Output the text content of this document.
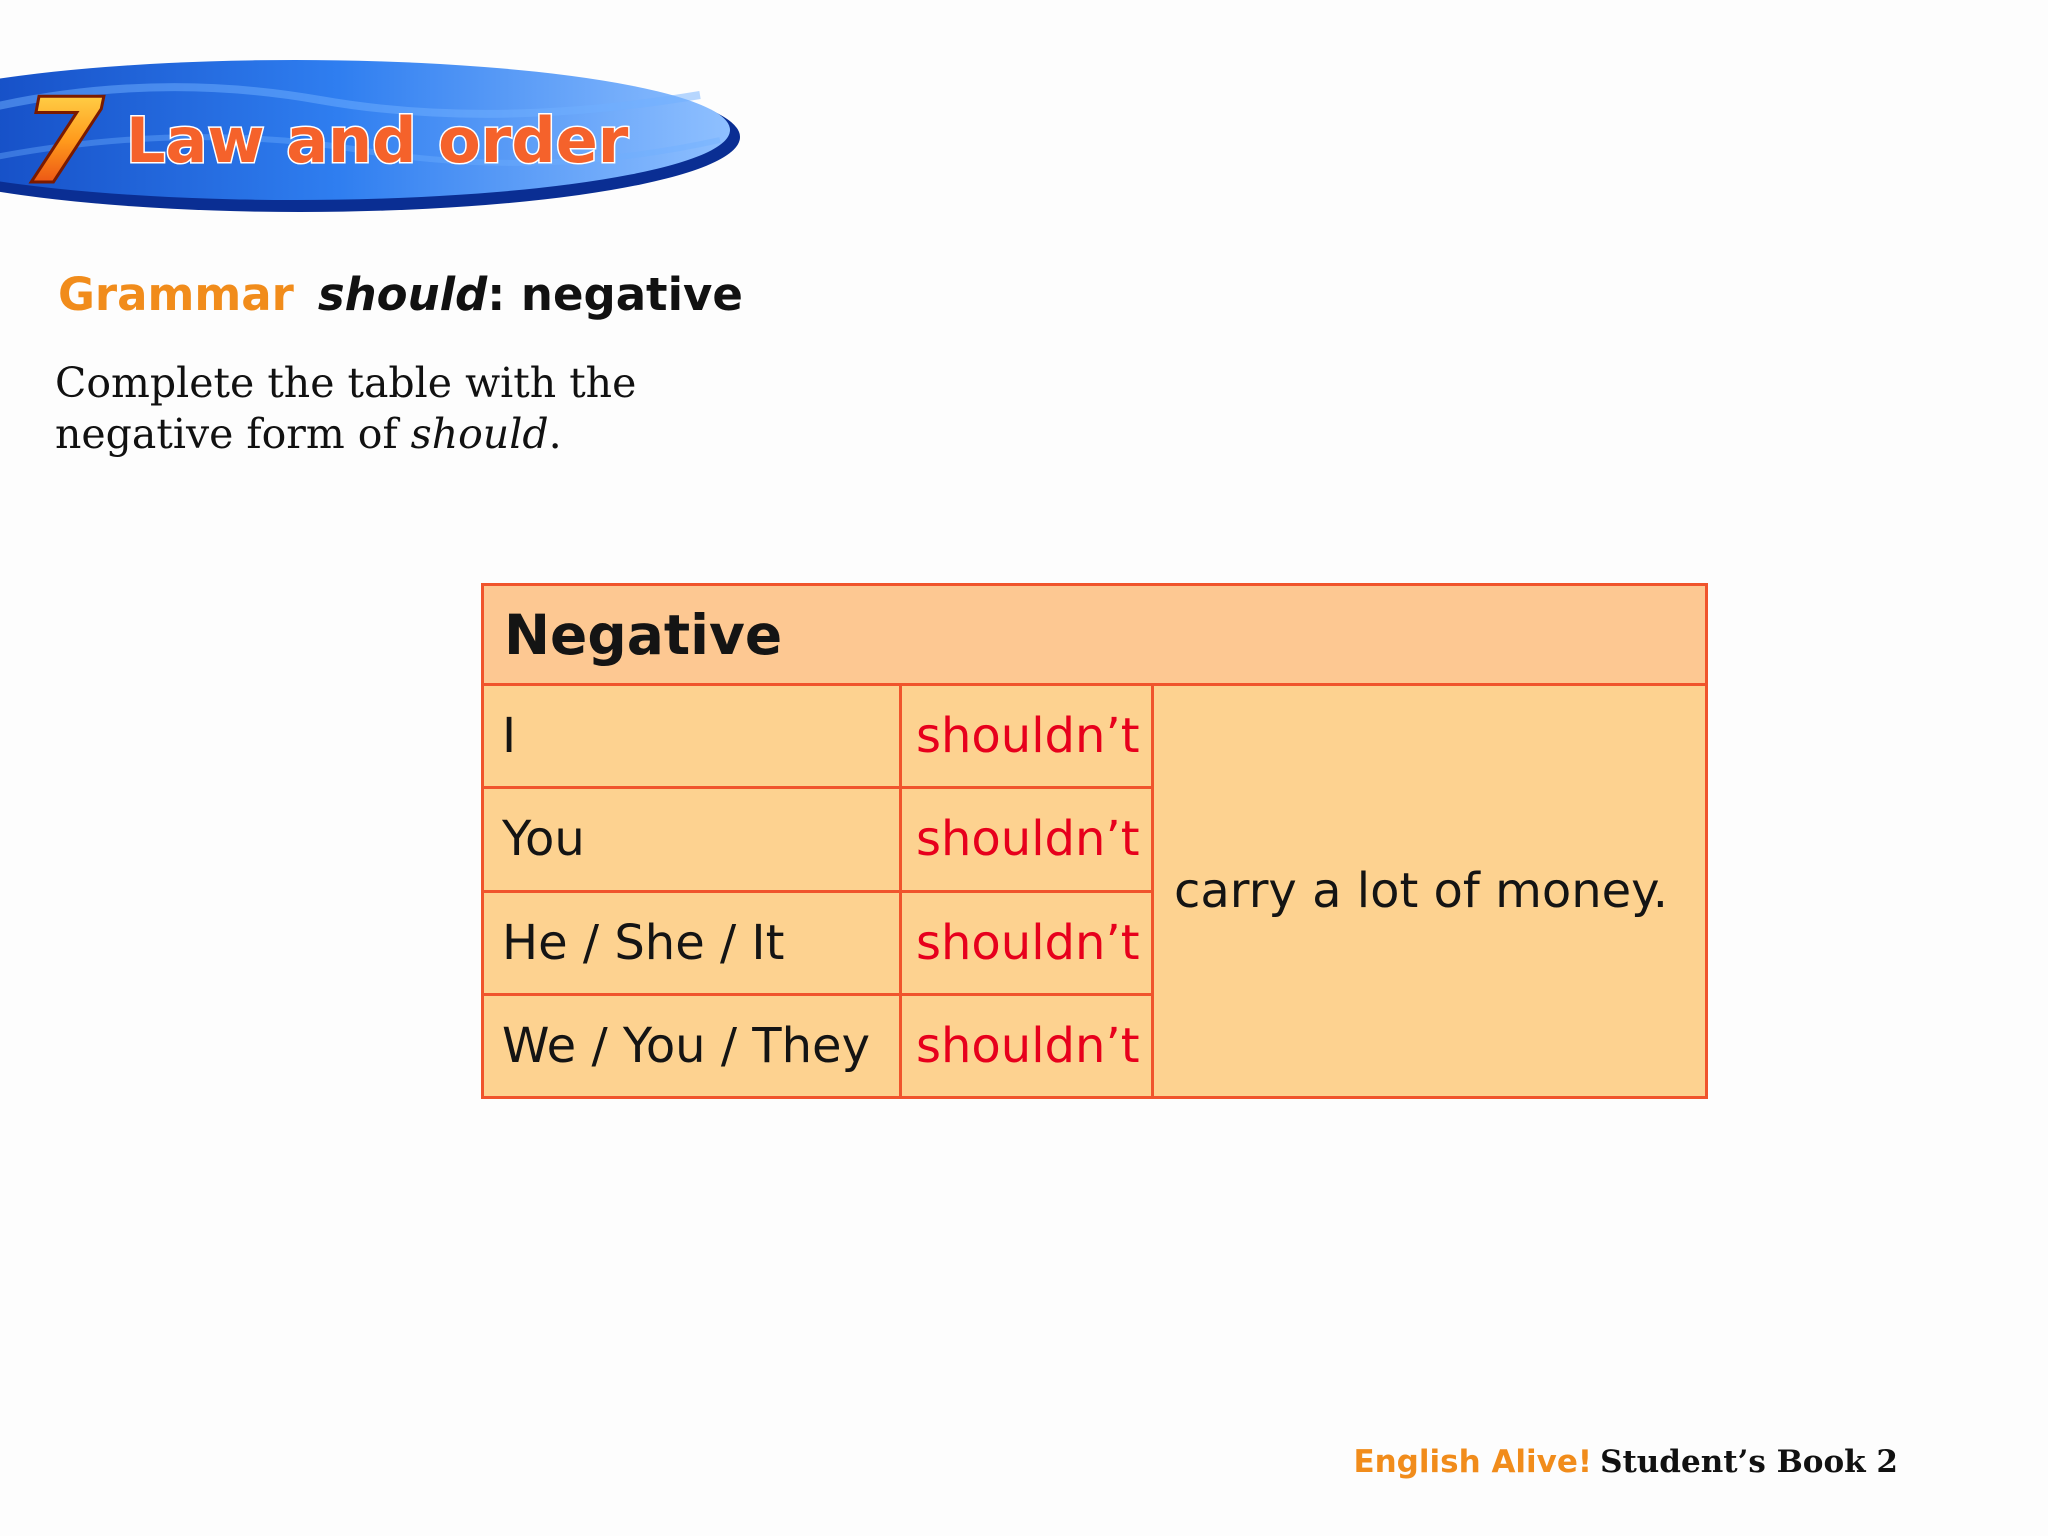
7 Law and order
Grammar should: negative

Complete the table with the

negative form of should.

Negative		
I	shouldn’t	carry a lot of money.
You	shouldn’t	
He / She / It	shouldn’t	
We / You / They	shouldn’t	
English Alive! Student’s Book 2
